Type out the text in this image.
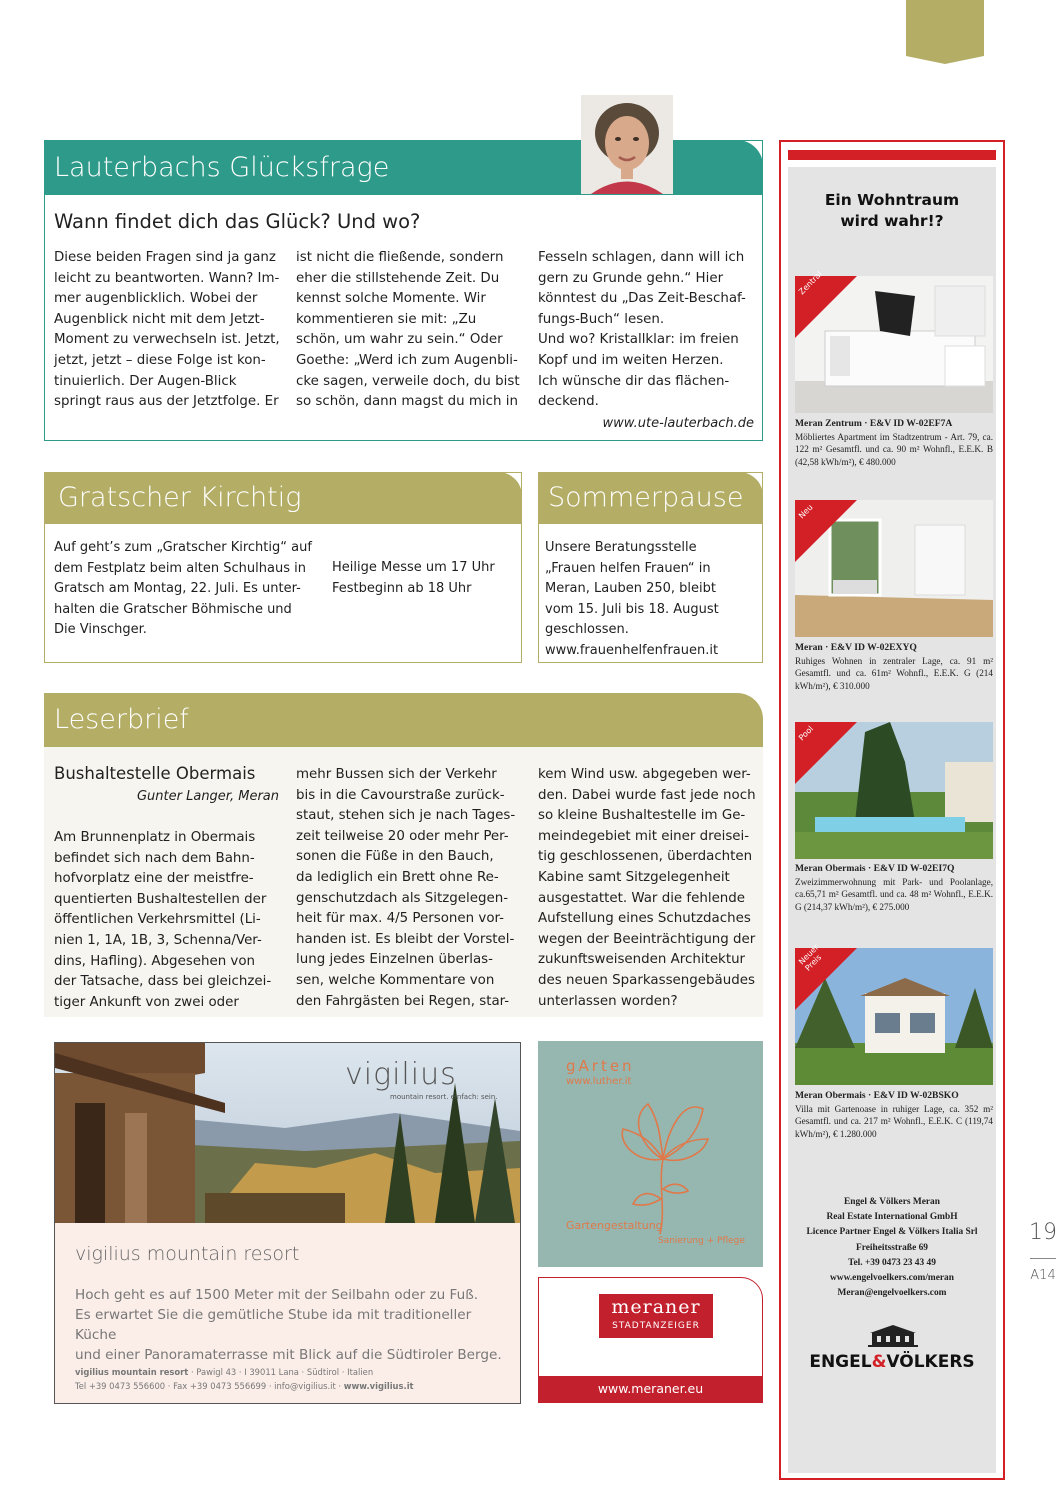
Lauterbachs Glücksfrage
Wann findet dich das Glück? Und wo?
Diese beiden Fragen sind ja ganz
leicht zu beantworten. Wann? Im-
mer augenblicklich. Wobei der
Augenblick nicht mit dem Jetzt-
Moment zu verwechseln ist. Jetzt,
jetzt, jetzt – diese Folge ist kon-
tinuierlich. Der Augen-Blick
springt raus aus der Jetztfolge. Er
ist nicht die fließende, sondern
eher die stillstehende Zeit. Du
kennst solche Momente. Wir
kommentieren sie mit: „Zu
schön, um wahr zu sein.“ Oder
Goethe: „Werd ich zum Augenbli-
cke sagen, verweile doch, du bist
so schön, dann magst du mich in
Fesseln schlagen, dann will ich
gern zu Grunde gehn.“ Hier
könntest du „Das Zeit-Beschaf-
fungs-Buch“ lesen.
Und wo? Kristallklar: im freien
Kopf und im weiten Herzen.
Ich wünsche dir das flächen-
deckend.
www.ute-lauterbach.de
Gratscher Kirchtig
Auf geht’s zum „Gratscher Kirchtig“ auf
dem Festplatz beim alten Schulhaus in
Gratsch am Montag, 22. Juli. Es unter-
halten die Gratscher Böhmische und
Die Vinschger.
Heilige Messe um 17 Uhr
Festbeginn ab 18 Uhr
Sommerpause
Unsere Beratungsstelle
„Frauen helfen Frauen“ in
Meran, Lauben 250, bleibt
vom 15. Juli bis 18. August
geschlossen.
www.frauenhelfenfrauen.it
Leserbrief
Bushaltestelle Obermais
Gunter Langer, Meran
Am Brunnenplatz in Obermais
befindet sich nach dem Bahn-
hofvorplatz eine der meistfre-
quentierten Bushaltestellen der
öffentlichen Verkehrsmittel (Li-
nien 1, 1A, 1B, 3, Schenna/Ver-
dins, Hafling). Abgesehen von
der Tatsache, dass bei gleichzei-
tiger Ankunft von zwei oder
mehr Bussen sich der Verkehr
bis in die Cavourstraße zurück-
staut, stehen sich je nach Tages-
zeit teilweise 20 oder mehr Per-
sonen die Füße in den Bauch,
da lediglich ein Brett ohne Re-
genschutzdach als Sitzgelegen-
heit für max. 4/5 Personen vor-
handen ist. Es bleibt der Vorstel-
lung jedes Einzelnen überlas-
sen, welche Kommentare von
den Fahrgästen bei Regen, star-
kem Wind usw. abgegeben wer-
den. Dabei wurde fast jede noch
so kleine Bushaltestelle im Ge-
meindegebiet mit einer dreisei-
tig geschlossenen, überdachten
Kabine samt Sitzgelegenheit
ausgestattet. War die fehlende
Aufstellung eines Schutzdaches
wegen der Beeinträchtigung der
zukunftsweisenden Architektur
des neuen Sparkassengebäudes
unterlassen worden?
vigilius
mountain resort. einfach: sein.
vigilius mountain resort
Hoch geht es auf 1500 Meter mit der Seilbahn oder zu Fuß.
Es erwartet Sie die gemütliche Stube ida mit traditioneller Küche
und einer Panoramaterrasse mit Blick auf die Südtiroler Berge.
vigilius mountain resort · Pawigl 43 · I 39011 Lana · Südtirol · Italien
Tel +39 0473 556600 · Fax +39 0473 556699 · info@vigilius.it · www.vigilius.it
gArten
www.luther.it
Gartengestaltung
Sanierung + Pflege
meraner
STADTANZEIGER
www.meraner.eu
Ein Wohntraum
wird wahr!?
Zentral
Meran Zentrum · E&V ID W-02EF7A
Möbliertes Apartment im Stadtzentrum - Art. 79, ca. 122 m² Gesamtfl. und ca. 90 m² Wohnfl., E.E.K. B (42,58 kWh/m²), € 480.000
Neu
Meran · E&V ID W-02EXYQ
Ruhiges Wohnen in zentraler Lage, ca. 91 m² Gesamtfl. und ca. 61m² Wohnfl., E.E.K. G (214 kWh/m²), € 310.000
Pool
Meran Obermais · E&V ID W-02EI7Q
Zweizimmerwohnung mit Park- und Poolanlage, ca.65,71 m² Gesamtfl. und ca. 48 m² Wohnfl., E.E.K. G (214,37 kWh/m²), € 275.000
Neuer
Preis
Meran Obermais · E&V ID W-02BSKO
Villa mit Gartenoase in ruhiger Lage, ca. 352 m² Gesamtfl. und ca. 217 m² Wohnfl., E.E.K. C (119,74 kWh/m²), € 1.280.000
Engel & Völkers Meran
Real Estate International GmbH
Licence Partner Engel & Völkers Italia Srl
Freiheitsstraße 69
Tel. +39 0473 23 43 49
www.engelvoelkers.com/meran
Meran@engelvoelkers.com
ENGEL&VÖLKERS
19
A14
